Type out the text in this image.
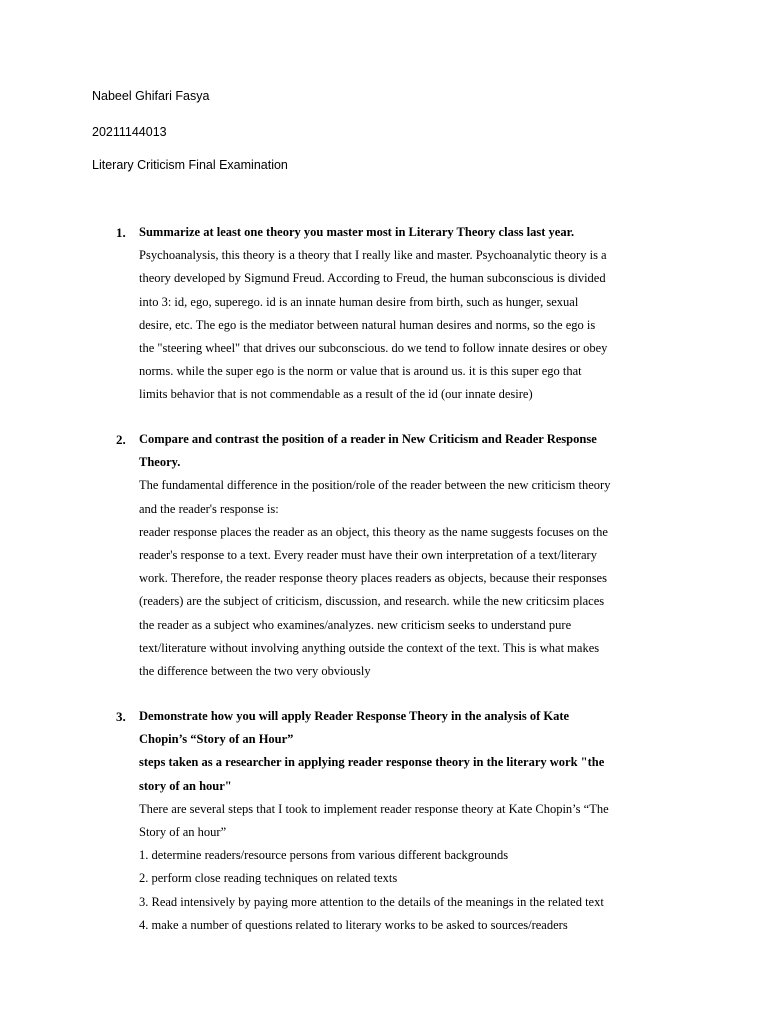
Nabeel Ghifari Fasya
20211144013
Literary Criticism Final Examination
1. Summarize at least one theory you master most in Literary Theory class last year.
Psychoanalysis, this theory is a theory that I really like and master. Psychoanalytic theory is a
theory developed by Sigmund Freud. According to Freud, the human subconscious is divided
into 3: id, ego, superego. id is an innate human desire from birth, such as hunger, sexual
desire, etc. The ego is the mediator between natural human desires and norms, so the ego is
the "steering wheel" that drives our subconscious. do we tend to follow innate desires or obey
norms. while the super ego is the norm or value that is around us. it is this super ego that
limits behavior that is not commendable as a result of the id (our innate desire)
2. Compare and contrast the position of a reader in New Criticism and Reader Response
Theory.
The fundamental difference in the position/role of the reader between the new criticism theory
and the reader's response is:
reader response places the reader as an object, this theory as the name suggests focuses on the
reader's response to a text. Every reader must have their own interpretation of a text/literary
work. Therefore, the reader response theory places readers as objects, because their responses
(readers) are the subject of criticism, discussion, and research. while the new criticsim places
the reader as a subject who examines/analyzes. new criticism seeks to understand pure
text/literature without involving anything outside the context of the text. This is what makes
the difference between the two very obviously
3. Demonstrate how you will apply Reader Response Theory in the analysis of Kate
Chopin’s “Story of an Hour”
steps taken as a researcher in applying reader response theory in the literary work "the
story of an hour"
There are several steps that I took to implement reader response theory at Kate Chopin’s “The
Story of an hour”
1. determine readers/resource persons from various different backgrounds
2. perform close reading techniques on related texts
3. Read intensively by paying more attention to the details of the meanings in the related text
4. make a number of questions related to literary works to be asked to sources/readers
